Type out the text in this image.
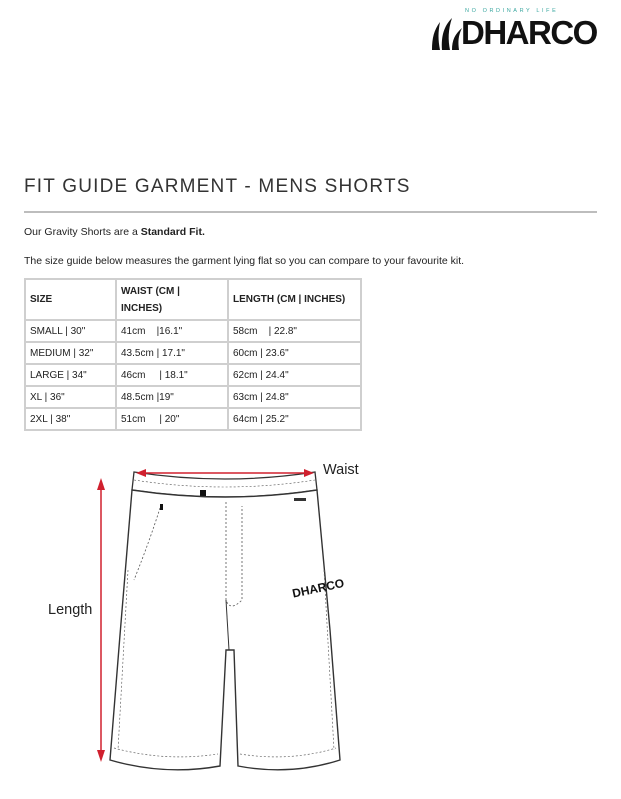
NO ORDINARY LIFE
DHARCO
FIT GUIDE GARMENT - MENS SHORTS
Our Gravity Shorts are a Standard Fit.
The size guide below measures the garment lying flat so you can compare to your favourite kit.
SIZE	WAIST (CM | INCHES)	LENGTH (CM | INCHES)
SMALL | 30"	41cm    |16.1"	58cm    | 22.8"
MEDIUM | 32"	43.5cm | 17.1"	60cm | 23.6"
LARGE | 34"	46cm     | 18.1"	62cm | 24.4"
XL | 36"	48.5cm |19"	63cm | 24.8"
2XL | 38"	51cm     | 20"	64cm | 25.2"
DHARCO
Waist
Length
